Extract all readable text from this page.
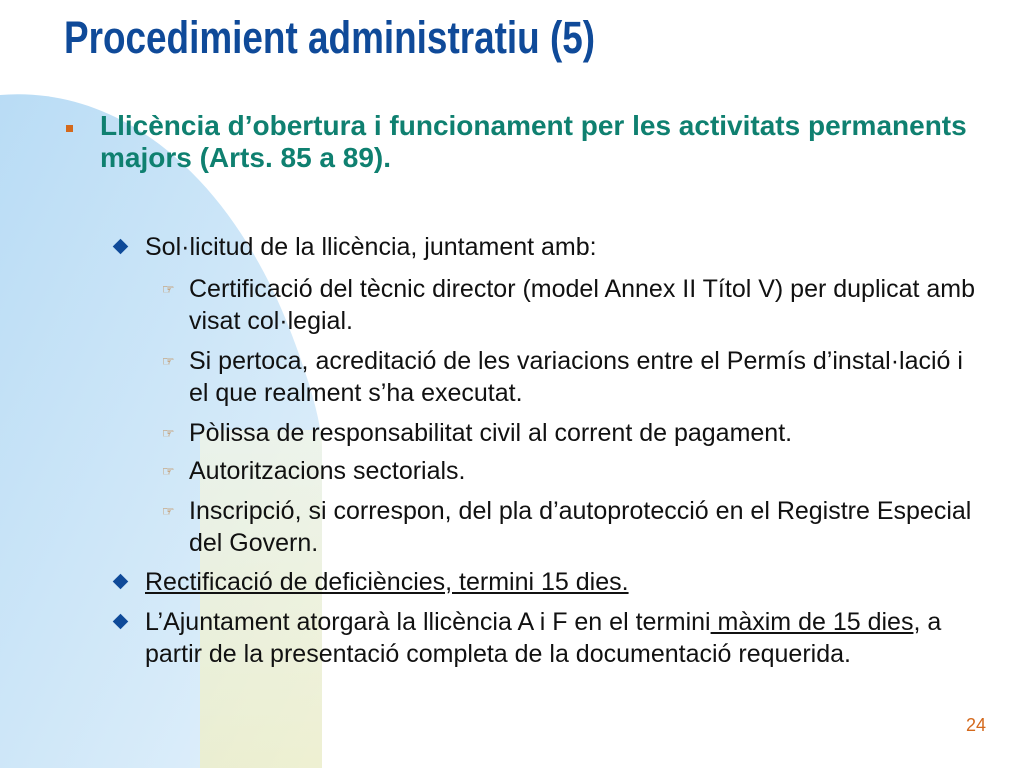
Procedimient administratiu (5)
Llicència d’obertura i funcionament per les activitats permanents majors (Arts. 85 a 89).
Sol·licitud de la llicència, juntament amb:
☞ Certificació del tècnic director (model Annex II Títol V) per duplicat amb visat col·legial.
☞ Si pertoca, acreditació de les variacions entre el Permís d’instal·lació i el que realment s’ha executat.
☞ Pòlissa de responsabilitat civil al corrent de pagament.
☞ Autoritzacions sectorials.
☞ Inscripció, si correspon, del pla d’autoprotecció en el Registre Especial del Govern.
Rectificació de deficiències, termini 15 dies.
L’Ajuntament atorgarà la llicència A i F en el termini màxim de 15 dies, a partir de la presentació completa de la documentació requerida.
24
